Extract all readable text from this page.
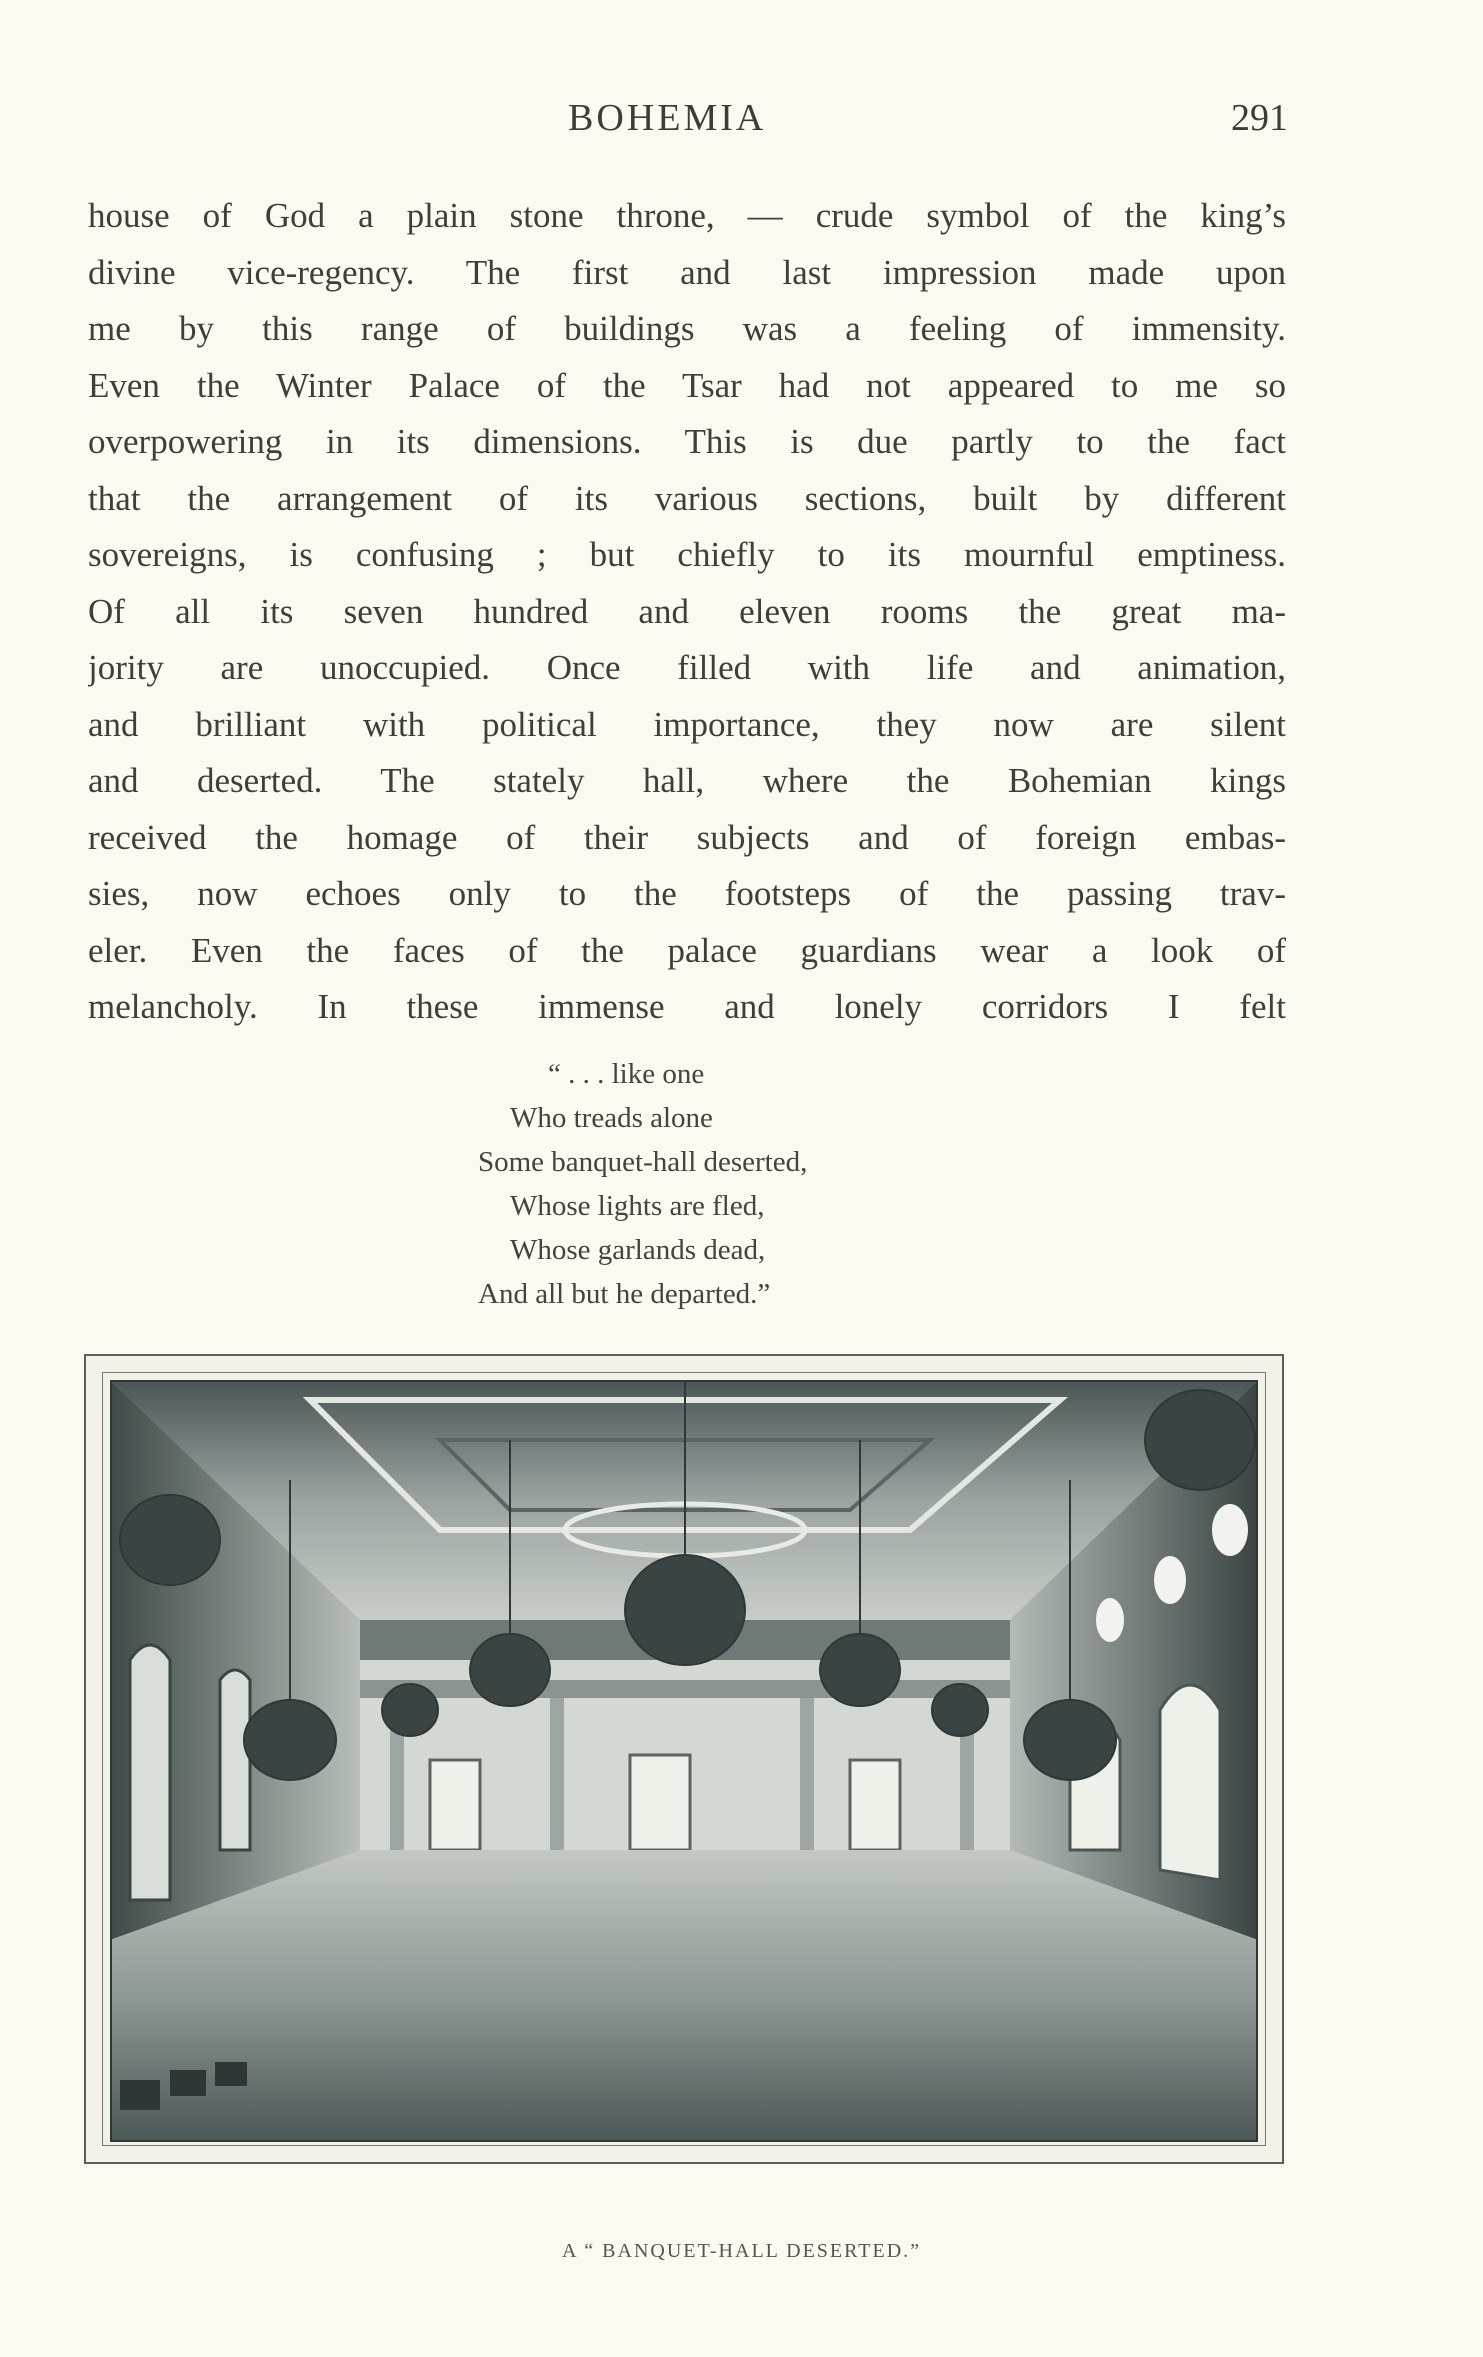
BOHEMIA	291
house of God a plain stone throne, — crude symbol of the king’s
divine vice-regency. The first and last impression made upon
me by this range of buildings was a feeling of immensity.
Even the Winter Palace of the Tsar had not appeared to me so
overpowering in its dimensions. This is due partly to the fact
that the arrangement of its various sections, built by different
sovereigns, is confusing ; but chiefly to its mournful emptiness.
Of all its seven hundred and eleven rooms the great ma-
jority are unoccupied. Once filled with life and animation,
and brilliant with political importance, they now are silent
and deserted. The stately hall, where the Bohemian kings
received the homage of their subjects and of foreign embas-
sies, now echoes only to the footsteps of the passing trav-
eler. Even the faces of the palace guardians wear a look of
melancholy. In these immense and lonely corridors I felt
“ . . . like one
Who treads alone
Some banquet-hall deserted,
Whose lights are fled,
Whose garlands dead,
And all but he departed.”
A “ BANQUET-HALL DESERTED.”
